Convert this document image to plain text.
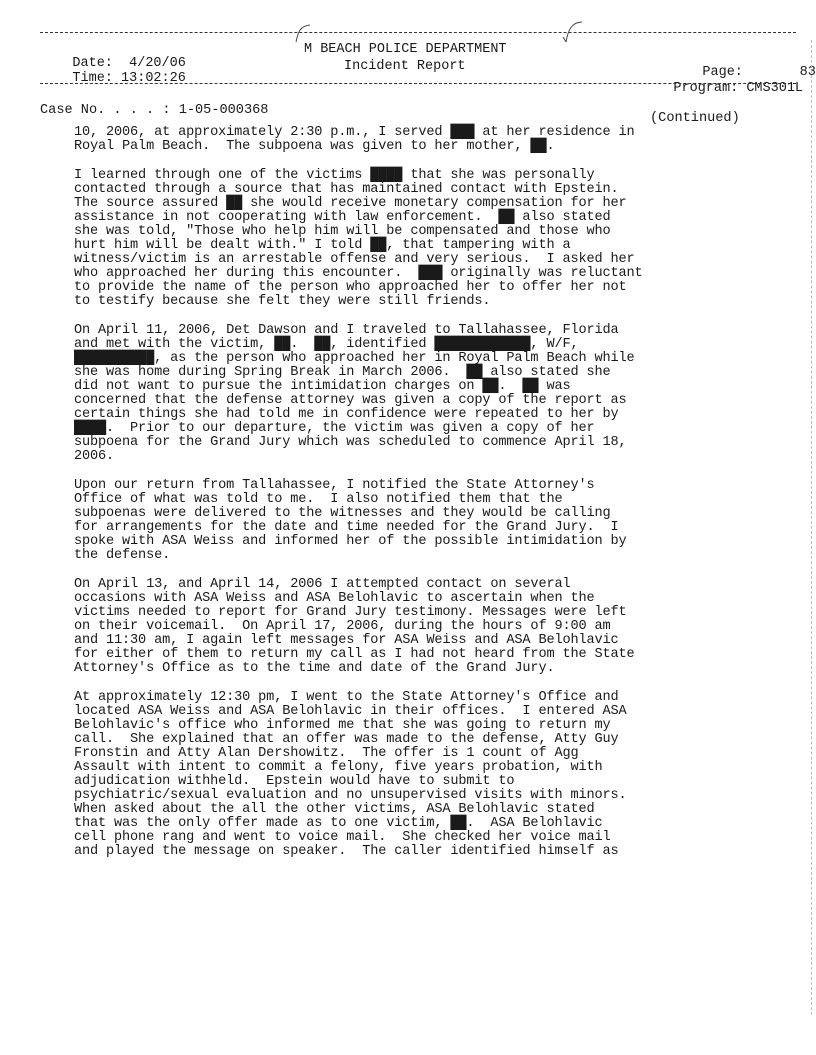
Date: 4/20/06

Time: 13:02:26

M BEACH POLICE DEPARTMENT
Incident Report	Page:	83

Program: CMS301L

Case No. . . . : 1-05-000368
(Continued)

10, 2006, at approximately 2:30 p.m., I served ███ at her residence in
Royal Palm Beach.  The subpoena was given to her mother, ██.

I learned through one of the victims ████ that she was personally
contacted through a source that has maintained contact with Epstein.
The source assured ██ she would receive monetary compensation for her
assistance in not cooperating with law enforcement.  ██ also stated
she was told, "Those who help him will be compensated and those who
hurt him will be dealt with." I told ██, that tampering with a
witness/victim is an arrestable offense and very serious.  I asked her
who approached her during this encounter.  ███ originally was reluctant
to provide the name of the person who approached her to offer her not
to testify because she felt they were still friends.

On April 11, 2006, Det Dawson and I traveled to Tallahassee, Florida
and met with the victim, ██.  ██, identified ████████████, W/F,
██████████, as the person who approached her in Royal Palm Beach while
she was home during Spring Break in March 2006.  ██ also stated she
did not want to pursue the intimidation charges on ██.  ██ was
concerned that the defense attorney was given a copy of the report as
certain things she had told me in confidence were repeated to her by
████.  Prior to our departure, the victim was given a copy of her
subpoena for the Grand Jury which was scheduled to commence April 18,
2006.

Upon our return from Tallahassee, I notified the State Attorney's
Office of what was told to me.  I also notified them that the
subpoenas were delivered to the witnesses and they would be calling
for arrangements for the date and time needed for the Grand Jury.  I
spoke with ASA Weiss and informed her of the possible intimidation by
the defense.

On April 13, and April 14, 2006 I attempted contact on several
occasions with ASA Weiss and ASA Belohlavic to ascertain when the
victims needed to report for Grand Jury testimony. Messages were left
on their voicemail.  On April 17, 2006, during the hours of 9:00 am
and 11:30 am, I again left messages for ASA Weiss and ASA Belohlavic
for either of them to return my call as I had not heard from the State
Attorney's Office as to the time and date of the Grand Jury.

At approximately 12:30 pm, I went to the State Attorney's Office and
located ASA Weiss and ASA Belohlavic in their offices.  I entered ASA
Belohlavic's office who informed me that she was going to return my
call.  She explained that an offer was made to the defense, Atty Guy
Fronstin and Atty Alan Dershowitz.  The offer is 1 count of Agg
Assault with intent to commit a felony, five years probation, with
adjudication withheld.  Epstein would have to submit to
psychiatric/sexual evaluation and no unsupervised visits with minors.
When asked about the all the other victims, ASA Belohlavic stated
that was the only offer made as to one victim, ██.  ASA Belohlavic
cell phone rang and went to voice mail.  She checked her voice mail
and played the message on speaker.  The caller identified himself as
